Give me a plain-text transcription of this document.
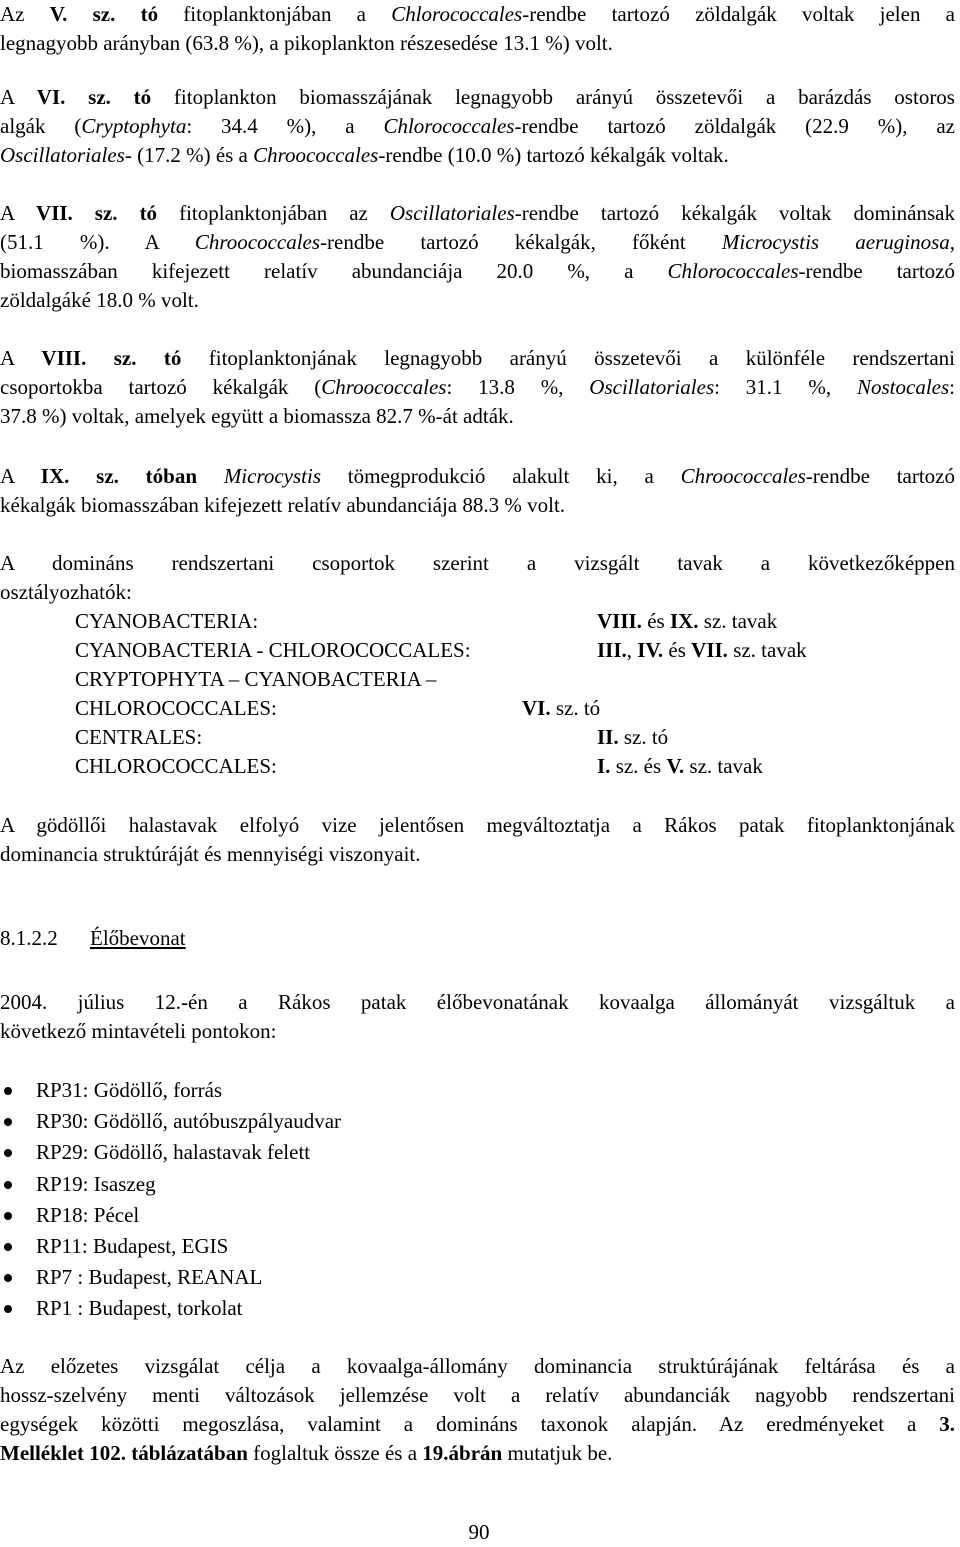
Az V. sz. tó fitoplanktonjában a Chlorococcales-rendbe tartozó zöldalgák voltak jelen a
legnagyobb arányban (63.8 %), a pikoplankton részesedése 13.1 %) volt.
A VI. sz. tó fitoplankton biomasszájának legnagyobb arányú összetevői a barázdás ostoros
algák (Cryptophyta: 34.4 %), a Chlorococcales-rendbe tartozó zöldalgák (22.9 %), az
Oscillatoriales- (17.2 %) és a Chroococcales-rendbe (10.0 %) tartozó kékalgák voltak.
A VII. sz. tó fitoplanktonjában az Oscillatoriales-rendbe tartozó kékalgák voltak dominánsak
(51.1 %). A Chroococcales-rendbe tartozó kékalgák, főként Microcystis aeruginosa,
biomasszában kifejezett relatív abundanciája 20.0 %, a Chlorococcales-rendbe tartozó
zöldalgáké 18.0 % volt.
A VIII. sz. tó fitoplanktonjának legnagyobb arányú összetevői a különféle rendszertani
csoportokba tartozó kékalgák (Chroococcales: 13.8 %, Oscillatoriales: 31.1 %, Nostocales:
37.8 %) voltak, amelyek együtt a biomassza 82.7 %-át adták.
A IX. sz. tóban Microcystis tömegprodukció alakult ki, a Chroococcales-rendbe tartozó
kékalgák biomasszában kifejezett relatív abundanciája 88.3 % volt.
A domináns rendszertani csoportok szerint a vizsgált tavak a következőképpen
osztályozhatók:
CYANOBACTERIA:	VIII. és IX. sz. tavak
CYANOBACTERIA - CHLOROCOCCALES:	III., IV. és VII. sz. tavak
CRYPTOPHYTA – CYANOBACTERIA –
CHLOROCOCCALES:	VI. sz. tó
CENTRALES:	II. sz. tó
CHLOROCOCCALES:	I. sz. és V. sz. tavak
A gödöllői halastavak elfolyó vize jelentősen megváltoztatja a Rákos patak fitoplanktonjának
dominancia struktúráját és mennyiségi viszonyait.
8.1.2.2 Élőbevonat
2004. július 12.-én a Rákos patak élőbevonatának kovaalga állományát vizsgáltuk a
következő mintavételi pontokon:
RP31: Gödöllő, forrás
RP30: Gödöllő, autóbuszpályaudvar
RP29: Gödöllő, halastavak felett
RP19: Isaszeg
RP18: Pécel
RP11: Budapest, EGIS
RP7 : Budapest, REANAL
RP1 : Budapest, torkolat
Az előzetes vizsgálat célja a kovaalga-állomány dominancia struktúrájának feltárása és a
hossz-szelvény menti változások jellemzése volt a relatív abundanciák nagyobb rendszertani
egységek közötti megoszlása, valamint a domináns taxonok alapján. Az eredményeket a 3.
Melléklet 102. táblázatában foglaltuk össze és a 19.ábrán mutatjuk be.
90
